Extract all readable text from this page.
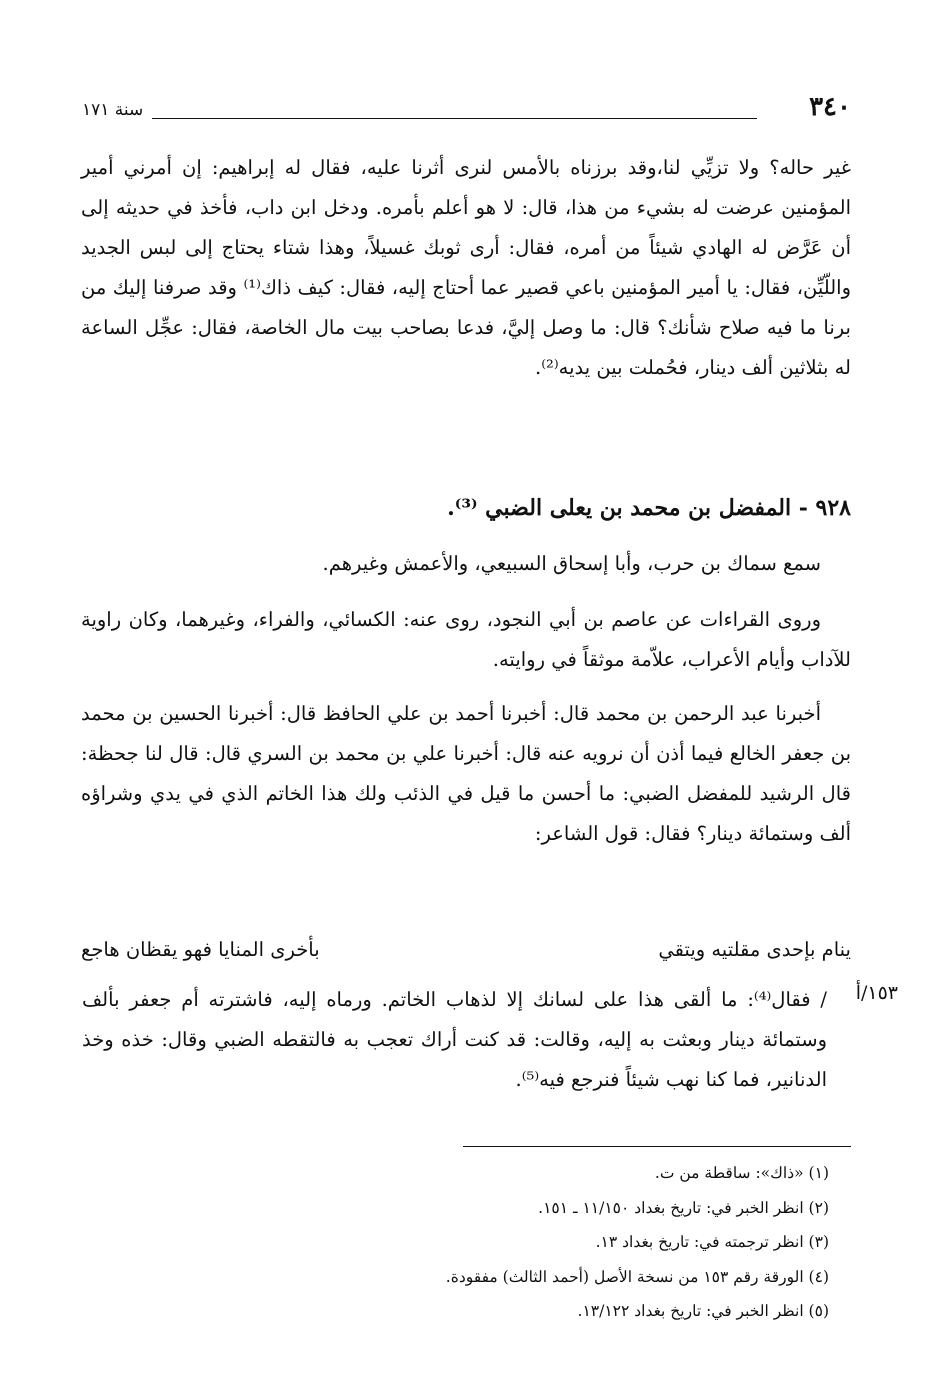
٣٤٠
سنة ١٧١
غير حاله؟ ولا تزيِّي لنا،وقد برزناه بالأمس لنرى أثرنا عليه، فقال له إبراهيم: إن أمرني أمير المؤمنين عرضت له بشيء من هذا، قال: لا هو أعلم بأمره. ودخل ابن داب، فأخذ في حديثه إلى أن عَرَّض له الهادي شيئاً من أمره، فقال: أرى ثوبك غسيلاً، وهذا شتاء يحتاج إلى لبس الجديد واللّيِّن، فقال: يا أمير المؤمنين باعي قصير عما أحتاج إليه، فقال: كيف ذاك⁽¹⁾ وقد صرفنا إليك من برنا ما فيه صلاح شأنك؟ قال: ما وصل إليَّ، فدعا بصاحب بيت مال الخاصة، فقال: عجِّل الساعة له بثلاثين ألف دينار، فحُملت بين يديه⁽²⁾.
٩٢٨ - المفضل بن محمد بن يعلى الضبي ⁽³⁾.
سمع سماك بن حرب، وأبا إسحاق السبيعي، والأعمش وغيرهم.
وروى القراءات عن عاصم بن أبي النجود، روى عنه: الكسائي، والفراء، وغيرهما، وكان راوية للآداب وأيام الأعراب، علاّمة موثقاً في روايته.
أخبرنا عبد الرحمن بن محمد قال: أخبرنا أحمد بن علي الحافظ قال: أخبرنا الحسين بن محمد بن جعفر الخالع فيما أذن أن نرويه عنه قال: أخبرنا علي بن محمد بن السري قال: قال لنا جحظة: قال الرشيد للمفضل الضبي: ما أحسن ما قيل في الذئب ولك هذا الخاتم الذي في يدي وشراؤه ألف وستمائة دينار؟ فقال: قول الشاعر:
ينام بإحدى مقلتيه ويتقي
بأخرى المنايا فهو يقظان هاجع
١٥٣/أ
/ فقال⁽⁴⁾: ما ألقى هذا على لسانك إلا لذهاب الخاتم. ورماه إليه، فاشترته أم جعفر بألف وستمائة دينار وبعثت به إليه، وقالت: قد كنت أراك تعجب به فالتقطه الضبي وقال: خذه وخذ الدنانير، فما كنا نهب شيئاً فنرجع فيه⁽⁵⁾.
(١) «ذاك»: ساقطة من ت.
(٢) انظر الخبر في: تاريخ بغداد ١١/١٥٠ ـ ١٥١.
(٣) انظر ترجمته في: تاريخ بغداد ١٣.
(٤) الورقة رقم ١٥٣ من نسخة الأصل (أحمد الثالث) مفقودة.
(٥) انظر الخبر في: تاريخ بغداد ١٣/١٢٢.
